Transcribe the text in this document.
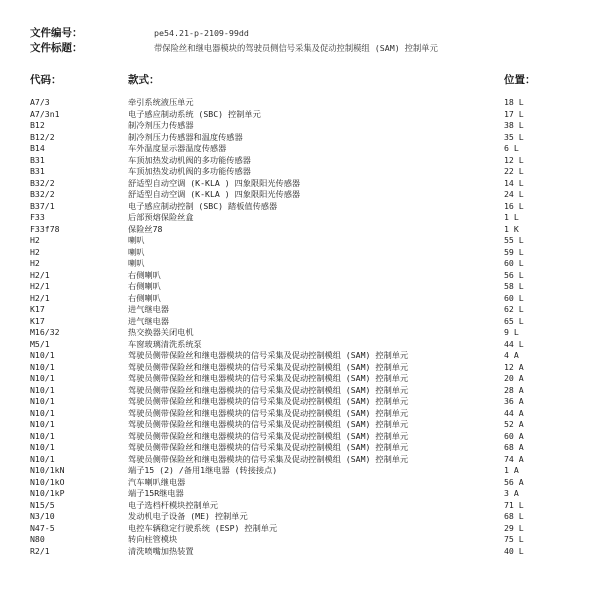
文件编号：	pe54.21-p-2109-99dd
文件标题：	带保险丝和继电器模块的驾驶员侧信号采集及促动控制模组 (SAM) 控制单元
代码：	款式：	位置：
A7/3	牵引系统液压单元	18 L
A7/3n1	电子感应制动系统 (SBC) 控制单元	17 L
B12	制冷剂压力传感器	38 L
B12/2	制冷剂压力传感器和温度传感器	35 L
B14	车外温度显示器温度传感器	6 L
B31	车顶加热发动机阀的多功能传感器	12 L
B31	车顶加热发动机阀的多功能传感器	22 L
B32/2	舒适型自动空调 (K-KLA ) 四象限阳光传感器	14 L
B32/2	舒适型自动空调 (K-KLA ) 四象限阳光传感器	24 L
B37/1	电子感应制动控制 (SBC) 踏板值传感器	16 L
F33	后部预熔保险丝盒	1 L
F33f78	保险丝78	1 K
H2	喇叭	55 L
H2	喇叭	59 L
H2	喇叭	60 L
H2/1	右侧喇叭	56 L
H2/1	右侧喇叭	58 L
H2/1	右侧喇叭	60 L
K17	进气继电器	62 L
K17	进气继电器	65 L
M16/32	热交换器关闭电机	9 L
M5/1	车窗玻璃清洗系统泵	44 L
N10/1	驾驶员侧带保险丝和继电器模块的信号采集及促动控制模组 (SAM) 控制单元	4 A
N10/1	驾驶员侧带保险丝和继电器模块的信号采集及促动控制模组 (SAM) 控制单元	12 A
N10/1	驾驶员侧带保险丝和继电器模块的信号采集及促动控制模组 (SAM) 控制单元	20 A
N10/1	驾驶员侧带保险丝和继电器模块的信号采集及促动控制模组 (SAM) 控制单元	28 A
N10/1	驾驶员侧带保险丝和继电器模块的信号采集及促动控制模组 (SAM) 控制单元	36 A
N10/1	驾驶员侧带保险丝和继电器模块的信号采集及促动控制模组 (SAM) 控制单元	44 A
N10/1	驾驶员侧带保险丝和继电器模块的信号采集及促动控制模组 (SAM) 控制单元	52 A
N10/1	驾驶员侧带保险丝和继电器模块的信号采集及促动控制模组 (SAM) 控制单元	60 A
N10/1	驾驶员侧带保险丝和继电器模块的信号采集及促动控制模组 (SAM) 控制单元	68 A
N10/1	驾驶员侧带保险丝和继电器模块的信号采集及促动控制模组 (SAM) 控制单元	74 A
N10/1kN	端子15 (2) /备用1继电器 (转接接点)	1 A
N10/1kO	汽车喇叭继电器	56 A
N10/1kP	端子15R继电器	3 A
N15/5	电子选档杆模块控制单元	71 L
N3/10	发动机电子设备 (ME) 控制单元	68 L
N47-5	电控车辆稳定行驶系统 (ESP) 控制单元	29 L
N80	转向柱管模块	75 L
R2/1	清洗喷嘴加热装置	40 L
